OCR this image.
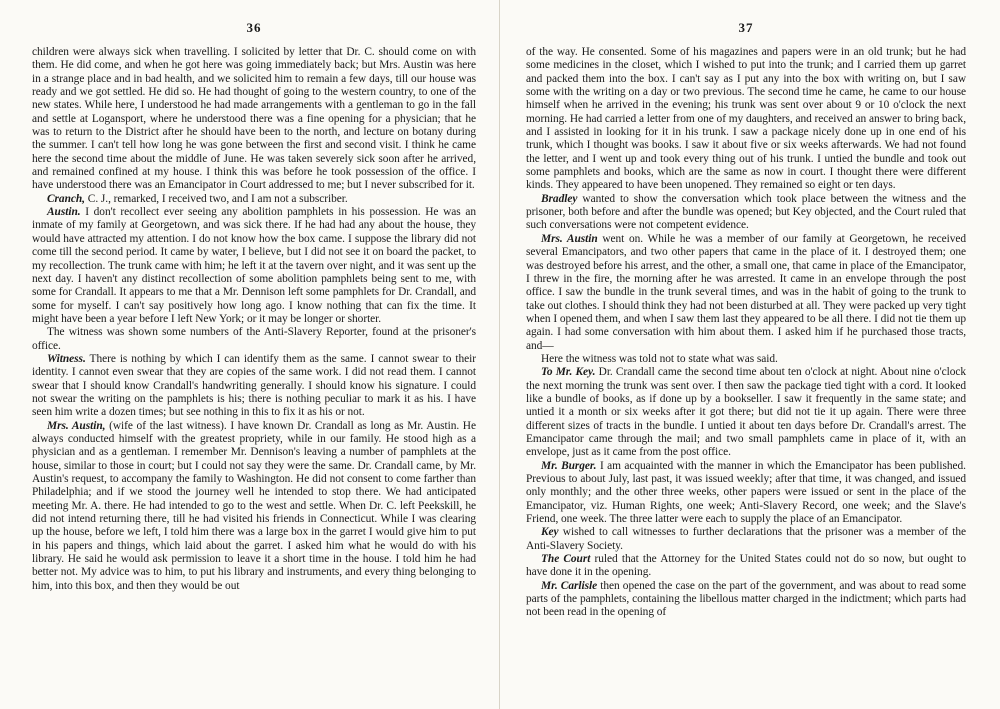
36

children were always sick when travelling. I solicited by letter that Dr. C. should come on with them. He did come, and when he got here was going immediately back; but Mrs. Austin was here in a strange place and in bad health, and we solicited him to remain a few days, till our house was ready and we got settled. He did so. He had thought of going to the western country, to one of the new states. While here, I understood he had made arrangements with a gentleman to go in the fall and settle at Logansport, where he understood there was a fine opening for a physician; that he was to return to the District after he should have been to the north, and lecture on botany during the summer. I can't tell how long he was gone between the first and second visit. I think he came here the second time about the middle of June. He was taken severely sick soon after he arrived, and remained confined at my house. I think this was before he took possession of the office. I have understood there was an Emancipator in Court addressed to me; but I never subscribed for it.

Cranch, C. J., remarked, I received two, and I am not a subscriber.

Austin. I don't recollect ever seeing any abolition pamphlets in his possession. He was an inmate of my family at Georgetown, and was sick there. If he had had any about the house, they would have attracted my attention. I do not know how the box came. I suppose the library did not come till the second period. It came by water, I believe, but I did not see it on board the packet, to my recollection. The trunk came with him; he left it at the tavern over night, and it was sent up the next day. I haven't any distinct recollection of some abolition pamphlets being sent to me, with some for Crandall. It appears to me that a Mr. Dennison left some pamphlets for Dr. Crandall, and some for myself. I can't say positively how long ago. I know nothing that can fix the time. It might have been a year before I left New York; or it may be longer or shorter.

The witness was shown some numbers of the Anti-Slavery Reporter, found at the prisoner's office.

Witness. There is nothing by which I can identify them as the same. I cannot swear to their identity. I cannot even swear that they are copies of the same work. I did not read them. I cannot swear that I should know Crandall's handwriting generally. I should know his signature. I could not swear the writing on the pamphlets is his; there is nothing peculiar to mark it as his. I have seen him write a dozen times; but see nothing in this to fix it as his or not.

Mrs. Austin, (wife of the last witness). I have known Dr. Crandall as long as Mr. Austin. He always conducted himself with the greatest propriety, while in our family. He stood high as a physician and as a gentleman. I remember Mr. Dennison's leaving a number of pamphlets at the house, similar to those in court; but I could not say they were the same. Dr. Crandall came, by Mr. Austin's request, to accompany the family to Washington. He did not consent to come farther than Philadelphia; and if we stood the journey well he intended to stop there. We had anticipated meeting Mr. A. there. He had intended to go to the west and settle. When Dr. C. left Peekskill, he did not intend returning there, till he had visited his friends in Connecticut. While I was clearing up the house, before we left, I told him there was a large box in the garret I would give him to put in his papers and things, which laid about the garret. I asked him what he would do with his library. He said he would ask permission to leave it a short time in the house. I told him he had better not. My advice was to him, to put his library and instruments, and every thing belonging to him, into this box, and then they would be out

37

of the way. He consented. Some of his magazines and papers were in an old trunk; but he had some medicines in the closet, which I wished to put into the trunk; and I carried them up garret and packed them into the box. I can't say as I put any into the box with writing on, but I saw some with the writing on a day or two previous. The second time he came, he came to our house himself when he arrived in the evening; his trunk was sent over about 9 or 10 o'clock the next morning. He had carried a letter from one of my daughters, and received an answer to bring back, and I assisted in looking for it in his trunk. I saw a package nicely done up in one end of his trunk, which I thought was books. I saw it about five or six weeks afterwards. We had not found the letter, and I went up and took every thing out of his trunk. I untied the bundle and took out some pamphlets and books, which are the same as now in court. I thought there were different kinds. They appeared to have been unopened. They remained so eight or ten days.

Bradley wanted to show the conversation which took place between the witness and the prisoner, both before and after the bundle was opened; but Key objected, and the Court ruled that such conversations were not competent evidence.

Mrs. Austin went on. While he was a member of our family at Georgetown, he received several Emancipators, and two other papers that came in the place of it. I destroyed them; one was destroyed before his arrest, and the other, a small one, that came in place of the Emancipator, I threw in the fire, the morning after he was arrested. It came in an envelope through the post office. I saw the bundle in the trunk several times, and was in the habit of going to the trunk to take out clothes. I should think they had not been disturbed at all. They were packed up very tight when I opened them, and when I saw them last they appeared to be all there. I did not tie them up again. I had some conversation with him about them. I asked him if he purchased those tracts, and—

Here the witness was told not to state what was said.

To Mr. Key. Dr. Crandall came the second time about ten o'clock at night. About nine o'clock the next morning the trunk was sent over. I then saw the package tied tight with a cord. It looked like a bundle of books, as if done up by a bookseller. I saw it frequently in the same state; and untied it a month or six weeks after it got there; but did not tie it up again. There were three different sizes of tracts in the bundle. I untied it about ten days before Dr. Crandall's arrest. The Emancipator came through the mail; and two small pamphlets came in place of it, with an envelope, just as it came from the post office.

Mr. Burger. I am acquainted with the manner in which the Emancipator has been published. Previous to about July, last past, it was issued weekly; after that time, it was changed, and issued only monthly; and the other three weeks, other papers were issued or sent in the place of the Emancipator, viz. Human Rights, one week; Anti-Slavery Record, one week; and the Slave's Friend, one week. The three latter were each to supply the place of an Emancipator.

Key wished to call witnesses to further declarations that the prisoner was a member of the Anti-Slavery Society.

The Court ruled that the Attorney for the United States could not do so now, but ought to have done it in the opening.

Mr. Carlisle then opened the case on the part of the government, and was about to read some parts of the pamphlets, containing the libellous matter charged in the indictment; which parts had not been read in the opening of
